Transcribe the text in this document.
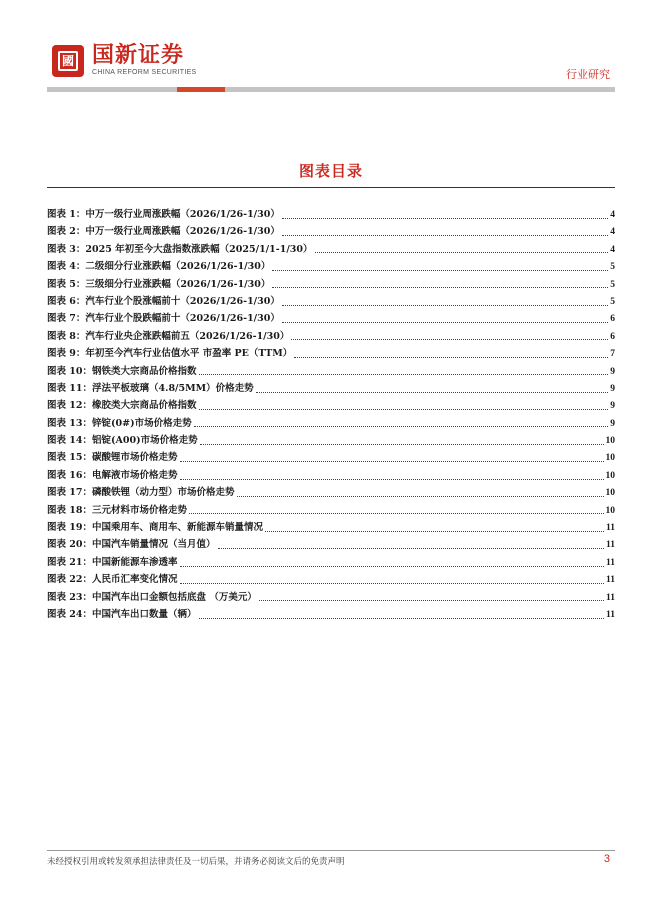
國 国新证券
CHINA REFORM SECURITIES	行业研究
图表目录
图表 1：中万一级行业周涨跌幅（2026/1/26-1/30）	4
图表 2：中万一级行业周涨跌幅（2026/1/26-1/30）	4
图表 3：2025 年初至今大盘指数涨跌幅（2025/1/1-1/30）	4
图表 4：二级细分行业涨跌幅（2026/1/26-1/30）	5
图表 5：三级细分行业涨跌幅（2026/1/26-1/30）	5
图表 6：汽车行业个股涨幅前十（2026/1/26-1/30）	5
图表 7：汽车行业个股跌幅前十（2026/1/26-1/30）	6
图表 8：汽车行业央企涨跌幅前五（2026/1/26-1/30）	6
图表 9：年初至今汽车行业估值水平 市盈率 PE（TTM）	7
图表 10：钢铁类大宗商品价格指数	9
图表 11：浮法平板玻璃（4.8/5MM）价格走势	9
图表 12：橡胶类大宗商品价格指数	9
图表 13：锌锭(0#)市场价格走势	9
图表 14：铝锭(A00)市场价格走势	10
图表 15：碳酸锂市场价格走势	10
图表 16：电解液市场价格走势	10
图表 17：磷酸铁锂（动力型）市场价格走势	10
图表 18：三元材料市场价格走势	10
图表 19：中国乘用车、商用车、新能源车销量情况	11
图表 20：中国汽车销量情况（当月值）	11
图表 21：中国新能源车渗透率	11
图表 22：人民币汇率变化情况	11
图表 23：中国汽车出口金额包括底盘 （万美元）	11
图表 24：中国汽车出口数量（辆）	11
未经授权引用或转发须承担法律责任及一切后果，并请务必阅读文后的免责声明	3
